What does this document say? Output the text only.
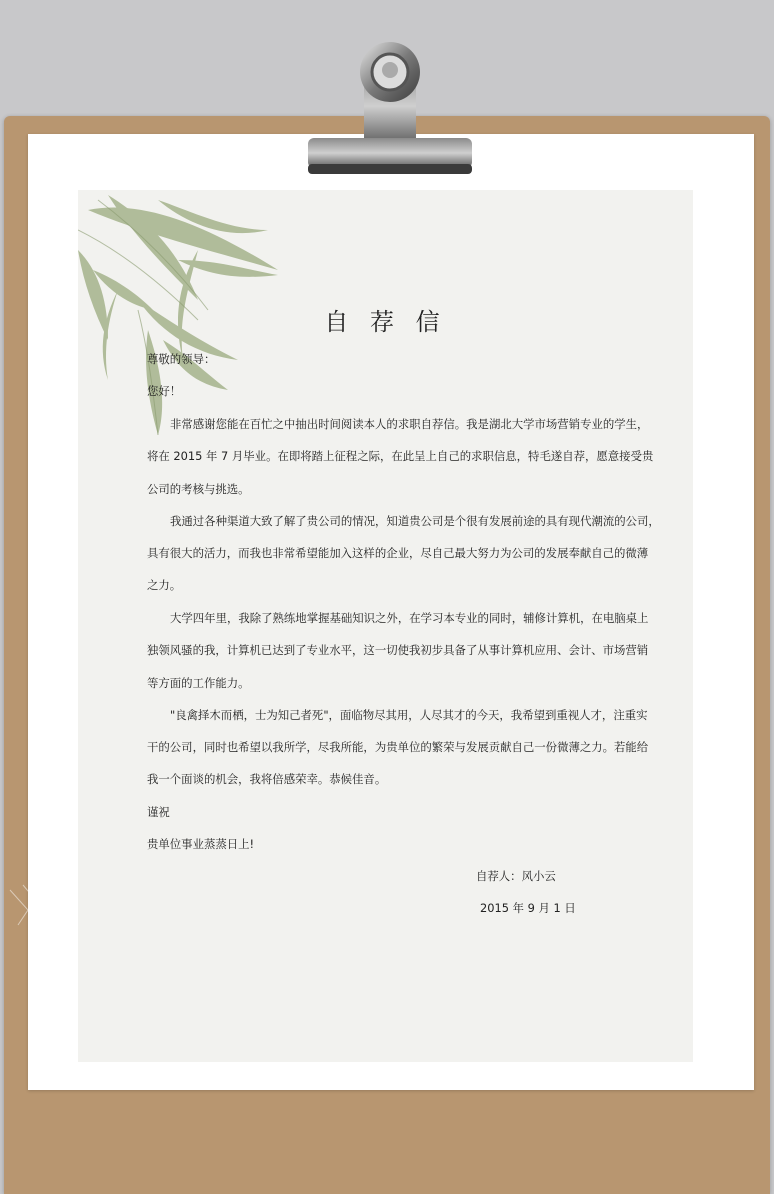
自 荐 信
尊敬的领导：
您好！
非常感谢您能在百忙之中抽出时间阅读本人的求职自荐信。我是湖北大学市场营销专业的学生，
将在 2015 年 7 月毕业。在即将踏上征程之际，在此呈上自己的求职信息，特毛遂自荐，愿意接受贵
公司的考核与挑选。
我通过各种渠道大致了解了贵公司的情况，知道贵公司是个很有发展前途的具有现代潮流的公司，
具有很大的活力，而我也非常希望能加入这样的企业，尽自己最大努力为公司的发展奉献自己的微薄
之力。
大学四年里，我除了熟练地掌握基础知识之外，在学习本专业的同时，辅修计算机，在电脑桌上
独领风骚的我，计算机已达到了专业水平，这一切使我初步具备了从事计算机应用、会计、市场营销
等方面的工作能力。
"良禽择木而栖，士为知己者死"，面临物尽其用，人尽其才的今天，我希望到重视人才，注重实
干的公司，同时也希望以我所学，尽我所能，为贵单位的繁荣与发展贡献自己一份微薄之力。若能给
我一个面谈的机会，我将倍感荣幸。恭候佳音。
谨祝
贵单位事业蒸蒸日上!
自荐人：风小云
2015 年 9 月 1 日
